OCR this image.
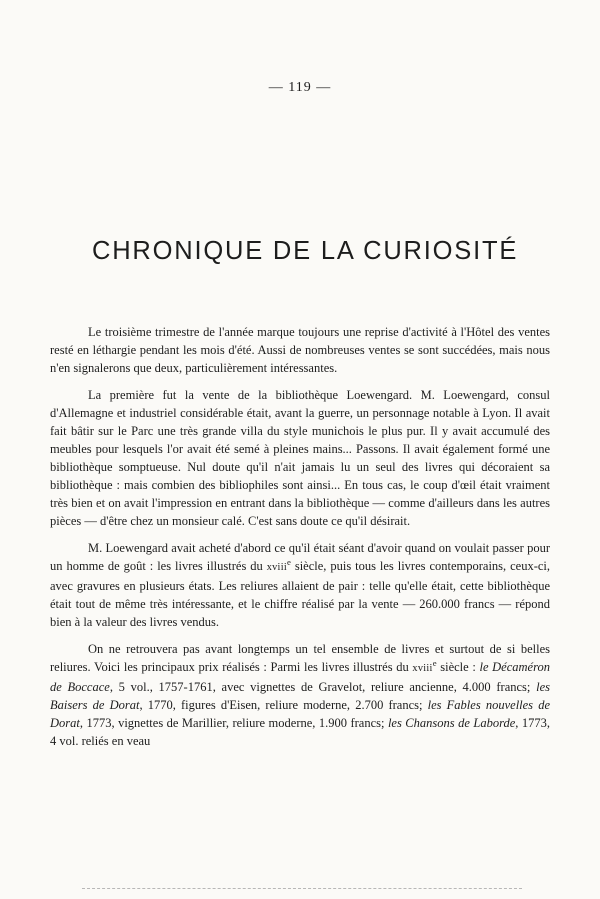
— 119 —
CHRONIQUE DE LA CURIOSITÉ

Le troisième trimestre de l'année marque toujours une reprise d'activité à l'Hôtel des ventes resté en léthargie pendant les mois d'été. Aussi de nombreuses ventes se sont succédées, mais nous n'en signalerons que deux, particulièrement intéressantes.

La première fut la vente de la bibliothèque Loewengard. M. Loewengard, consul d'Allemagne et industriel considérable était, avant la guerre, un personnage notable à Lyon. Il avait fait bâtir sur le Parc une très grande villa du style munichois le plus pur. Il y avait accumulé des meubles pour lesquels l'or avait été semé à pleines mains... Passons. Il avait également formé une bibliothèque somptueuse. Nul doute qu'il n'ait jamais lu un seul des livres qui décoraient sa bibliothèque : mais combien des bibliophiles sont ainsi... En tous cas, le coup d'œil était vraiment très bien et on avait l'impression en entrant dans la bibliothèque — comme d'ailleurs dans les autres pièces — d'être chez un monsieur calé. C'est sans doute ce qu'il désirait.

M. Loewengard avait acheté d'abord ce qu'il était séant d'avoir quand on voulait passer pour un homme de goût : les livres illustrés du xviii$^e$ siècle, puis tous les livres contemporains, ceux-ci, avec gravures en plusieurs états. Les reliures allaient de pair : telle qu'elle était, cette bibliothèque était tout de même très intéressante, et le chiffre réalisé par la vente — 260.000 francs — répond bien à la valeur des livres vendus.

On ne retrouvera pas avant longtemps un tel ensemble de livres et surtout de si belles reliures. Voici les principaux prix réalisés : Parmi les livres illustrés du xviii$^e$ siècle : le Décaméron de Boccace, 5 vol., 1757-1761, avec vignettes de Gravelot, reliure ancienne, 4.000 francs; les Baisers de Dorat, 1770, figures d'Eisen, reliure moderne, 2.700 francs; les Fables nouvelles de Dorat, 1773, vignettes de Marillier, reliure moderne, 1.900 francs; les Chansons de Laborde, 1773, 4 vol. reliés en veau
